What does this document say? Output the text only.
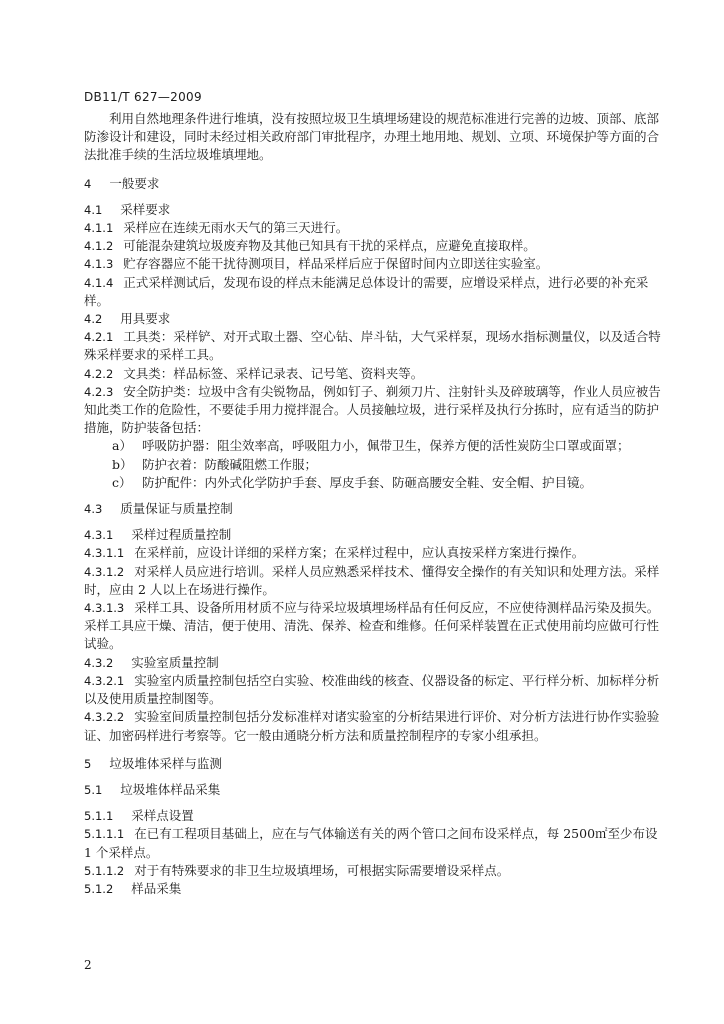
DB11/T 627—2009

利用自然地理条件进行堆填，没有按照垃圾卫生填埋场建设的规范标准进行完善的边坡、顶部、底部防渗设计和建设，同时未经过相关政府部门审批程序，办理土地用地、规划、立项、环境保护等方面的合法批准手续的生活垃圾堆填埋地。

4 一般要求
4.1 采样要求

4.1.1 采样应在连续无雨水天气的第三天进行。

4.1.2 可能混杂建筑垃圾废弃物及其他已知具有干扰的采样点，应避免直接取样。

4.1.3 贮存容器应不能干扰待测项目，样品采样后应于保留时间内立即送往实验室。

4.1.4 正式采样测试后，发现布设的样点未能满足总体设计的需要，应增设采样点，进行必要的补充采样。

4.2 用具要求

4.2.1 工具类：采样铲、对开式取土器、空心钻、岸斗钻，大气采样泵，现场水指标测量仪，以及适合特殊采样要求的采样工具。

4.2.2 文具类：样品标签、采样记录表、记号笔、资料夹等。

4.2.3 安全防护类：垃圾中含有尖锐物品，例如钉子、剃须刀片、注射针头及碎玻璃等，作业人员应被告知此类工作的危险性，不要徒手用力搅拌混合。人员接触垃圾，进行采样及执行分拣时，应有适当的防护措施，防护装备包括：

a） 呼吸防护器：阻尘效率高，呼吸阻力小，佩带卫生，保养方便的活性炭防尘口罩或面罩；

b） 防护衣着：防酸碱阻燃工作服；

c） 防护配件：内外式化学防护手套、厚皮手套、防砸高腰安全鞋、安全帽、护目镜。

4.3 质量保证与质量控制
4.3.1 采样过程质量控制

4.3.1.1 在采样前，应设计详细的采样方案；在采样过程中，应认真按采样方案进行操作。

4.3.1.2 对采样人员应进行培训。采样人员应熟悉采样技术、懂得安全操作的有关知识和处理方法。采样时，应由 2 人以上在场进行操作。

4.3.1.3 采样工具、设备所用材质不应与待采垃圾填埋场样品有任何反应，不应使待测样品污染及损失。采样工具应干燥、清洁，便于使用、清洗、保养、检查和维修。任何采样装置在正式使用前均应做可行性试验。

4.3.2 实验室质量控制

4.3.2.1 实验室内质量控制包括空白实验、校准曲线的核查、仪器设备的标定、平行样分析、加标样分析以及使用质量控制图等。

4.3.2.2 实验室间质量控制包括分发标准样对诸实验室的分析结果进行评价、对分析方法进行协作实验验证、加密码样进行考察等。它一般由通晓分析方法和质量控制程序的专家小组承担。

5 垃圾堆体采样与监测
5.1 垃圾堆体样品采集
5.1.1 采样点设置

5.1.1.1 在已有工程项目基础上，应在与气体输送有关的两个管口之间布设采样点，每 2500㎡至少布设 1 个采样点。

5.1.1.2 对于有特殊要求的非卫生垃圾填埋场，可根据实际需要增设采样点。

5.1.2 样品采集
2
